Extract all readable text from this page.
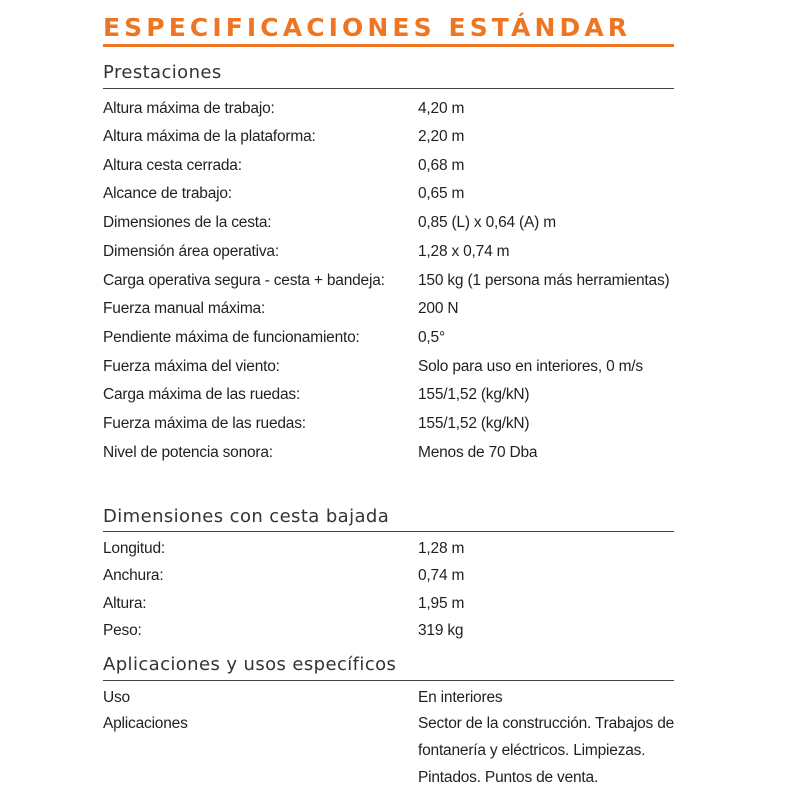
ESPECIFICACIONES ESTÁNDAR
Prestaciones
Altura máxima de trabajo:	4,20 m
Altura máxima de la plataforma:	2,20 m
Altura cesta cerrada:	0,68 m
Alcance de trabajo:	0,65 m
Dimensiones de la cesta:	0,85 (L) x 0,64 (A) m
Dimensión área operativa:	1,28 x 0,74 m
Carga operativa segura - cesta + bandeja: 150 kg (1 persona más herramientas)
Fuerza manual máxima:	200 N
Pendiente máxima de funcionamiento:	0,5°
Fuerza máxima del viento:	Solo para uso en interiores, 0 m/s
Carga máxima de las ruedas:	155/1,52 (kg/kN)
Fuerza máxima de las ruedas:	155/1,52 (kg/kN)
Nivel de potencia sonora:	Menos de 70 Dba
Dimensiones con cesta bajada
Longitud:	1,28 m
Anchura:	0,74 m
Altura:	1,95 m
Peso:	319 kg
Aplicaciones y usos específicos
Uso	En interiores
Aplicaciones	Sector de la construcción. Trabajos de
fontanería y eléctricos. Limpiezas.
Pintados. Puntos de venta.
